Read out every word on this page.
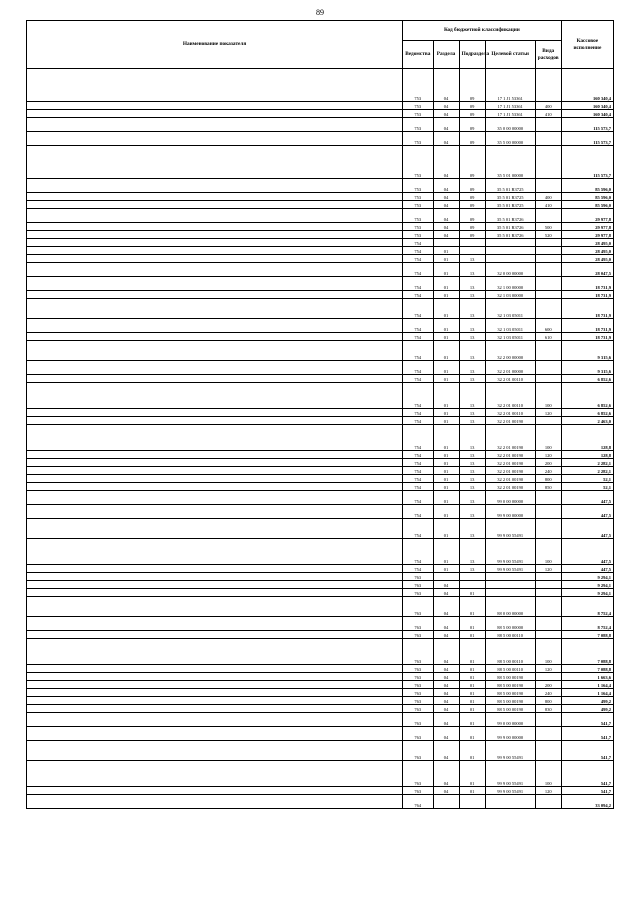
89
Наименование показателя	Код бюджетной классификации					Кассовое исполнение
	Ведомства	Раздела	Подраздела	Целевой статьи	Вида расходов	
	753	04	09	17 1 J1 53361		160 340,4
	753	04	09	17 1 J1 53361	400	160 340,4
	753	04	09	17 1 J1 53361	410	160 340,4
	753	04	09	35 0 00 00000		115 573,7
	753	04	09	35 5 00 00000		115 573,7
	753	04	09	35 5 01 00000		115 573,7
	753	04	09	35 5 01 R3725		85 596,0
	753	04	09	35 5 01 R3725	400	85 596,0
	753	04	09	35 5 01 R3725	410	85 596,0
	753	04	09	35 5 01 R3726		29 977,8
	753	04	09	35 5 01 R3726	500	29 977,8
	753	04	09	35 5 01 R3726	520	29 977,8
	754					28 495,0
	754	01				28 495,0
	754	01	13			28 495,0
	754	01	13	32 0 00 00000		28 047,5
	754	01	13	32 1 00 00000		18 731,9
	754	01	13	32 1 03 00000		18 731,9
	754	01	13	32 1 03 05011		18 731,9
	754	01	13	32 1 03 05011	600	18 731,9
	754	01	13	32 1 03 05011	610	18 731,9
	754	01	13	32 2 00 00000		9 315,6
	754	01	13	32 2 01 00000		9 315,6
	754	01	13	32 2 01 00110		6 852,6
	754	01	13	32 2 01 00110	100	6 852,6
	754	01	13	32 2 01 00110	120	6 852,6
	754	01	13	32 2 01 00190		2 463,0
	754	01	13	32 2 01 00190	100	128,8
	754	01	13	32 2 01 00190	120	128,8
	754	01	13	32 2 01 00190	200	2 282,1
	754	01	13	32 2 01 00190	240	2 282,1
	754	01	13	32 2 01 00190	800	52,1
	754	01	13	32 2 01 00190	850	52,1
	754	01	13	99 0 00 00000		447,5
	754	01	13	99 9 00 00000		447,5
	754	01	13	99 9 00 55491		447,5
	754	01	13	99 9 00 55491	100	447,5
	754	01	13	99 9 00 55491	120	447,5
	763					9 294,1
	763	04				9 294,1
	763	04	01			9 294,1
	763	04	01	88 0 00 00000		8 752,4
	763	04	01	88 5 00 00000		8 752,4
	763	04	01	88 5 00 00110		7 088,8
	763	04	01	88 5 00 00110	100	7 088,8
	763	04	01	88 5 00 00110	120	7 088,8
	763	04	01	88 5 00 00190		1 663,6
	763	04	01	88 5 00 00190	200	1 164,4
	763	04	01	88 5 00 00190	240	1 164,4
	763	04	01	88 5 00 00190	800	499,2
	763	04	01	88 5 00 00190	830	499,2
	763	04	01	99 0 00 00000		541,7
	763	04	01	99 9 00 00000		541,7
	763	04	01	99 9 00 55491		541,7
	763	04	01	99 9 00 55491	100	541,7
	763	04	01	99 9 00 55491	120	541,7
	764					33 094,2
